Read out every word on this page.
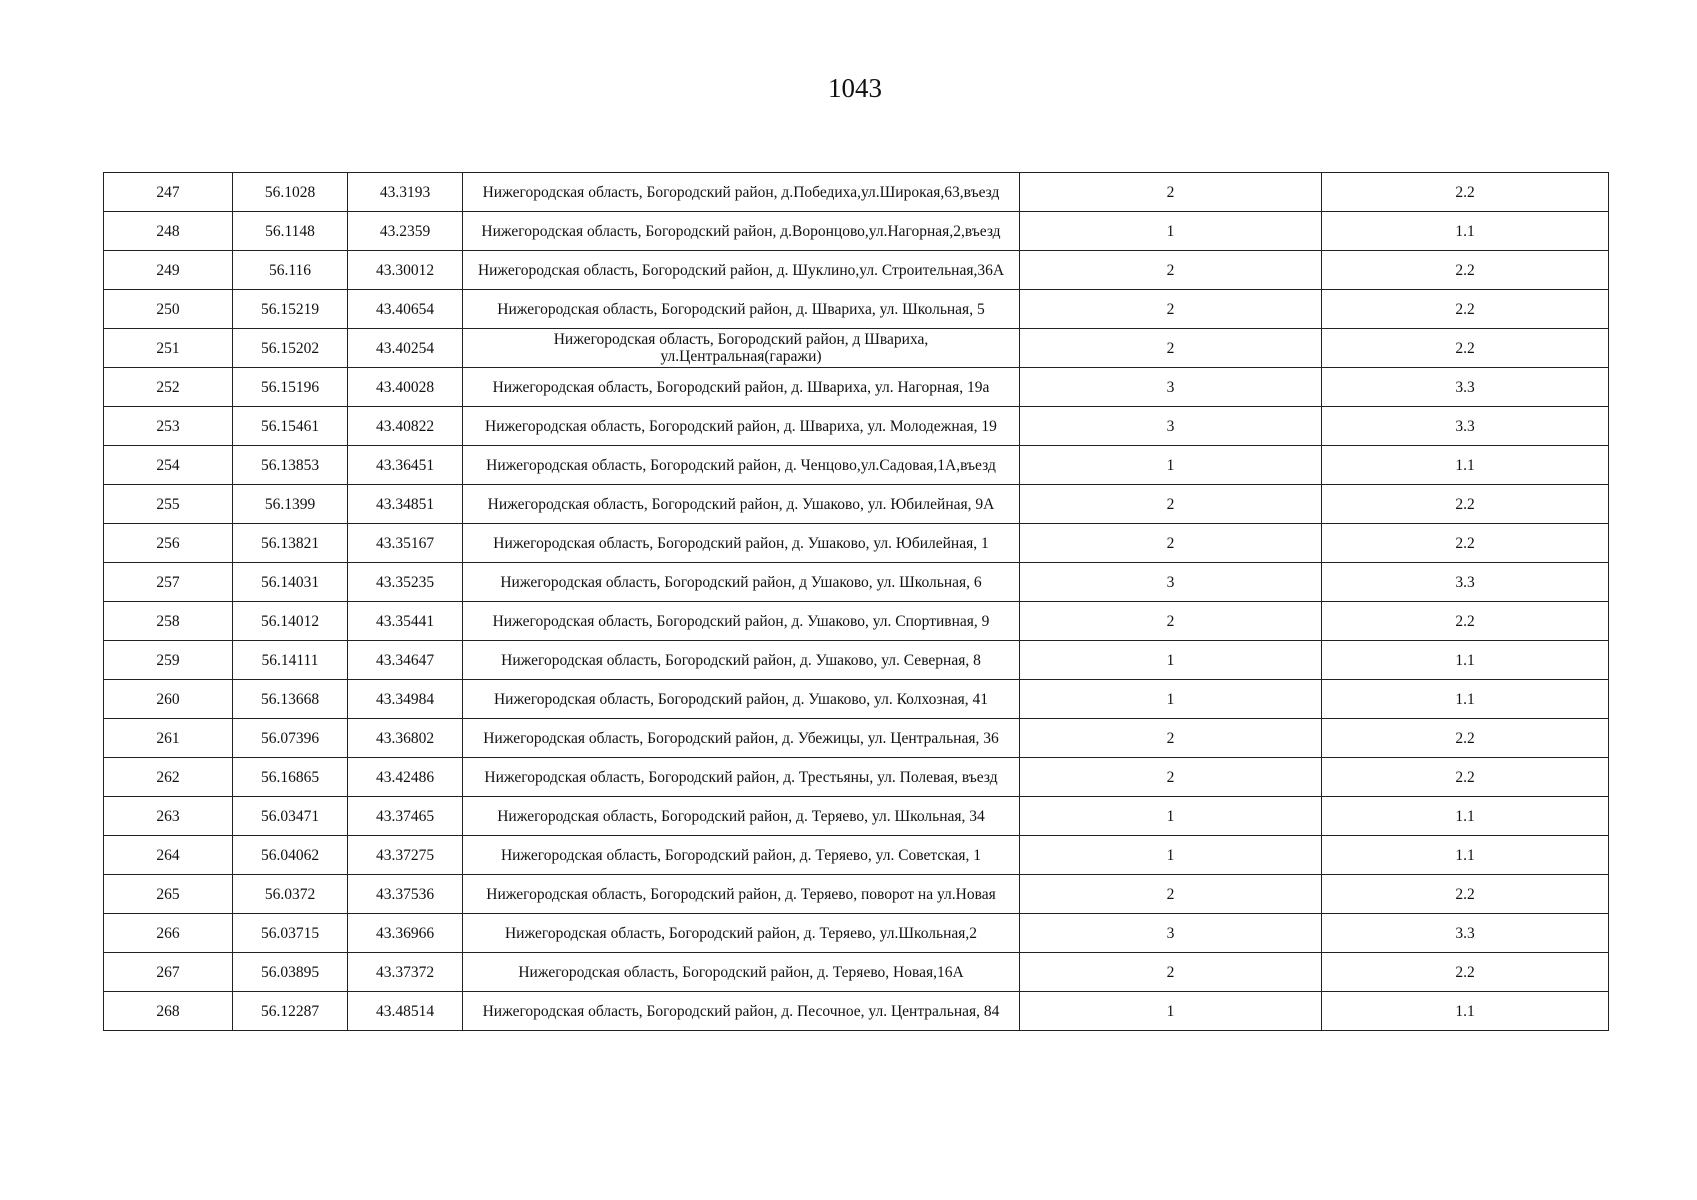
1043
247	56.1028	43.3193	Нижегородская область, Богородский район, д.Победиха,ул.Широкая,63,въезд	2	2.2
248	56.1148	43.2359	Нижегородская область, Богородский район, д.Воронцово,ул.Нагорная,2,въезд	1	1.1
249	56.116	43.30012	Нижегородская область, Богородский район, д. Шуклино,ул. Строительная,36А	2	2.2
250	56.15219	43.40654	Нижегородская область, Богородский район, д. Швариха, ул. Школьная, 5	2	2.2
251	56.15202	43.40254	Нижегородская область, Богородский район, д Швариха, ул.Центральная(гаражи)	2	2.2
252	56.15196	43.40028	Нижегородская область, Богородский район, д. Швариха, ул. Нагорная, 19а	3	3.3
253	56.15461	43.40822	Нижегородская область, Богородский район, д. Швариха, ул. Молодежная, 19	3	3.3
254	56.13853	43.36451	Нижегородская область, Богородский район, д. Ченцово,ул.Садовая,1А,въезд	1	1.1
255	56.1399	43.34851	Нижегородская область, Богородский район, д. Ушаково, ул. Юбилейная, 9А	2	2.2
256	56.13821	43.35167	Нижегородская область, Богородский район, д. Ушаково, ул. Юбилейная, 1	2	2.2
257	56.14031	43.35235	Нижегородская область, Богородский район, д Ушаково, ул. Школьная, 6	3	3.3
258	56.14012	43.35441	Нижегородская область, Богородский район, д. Ушаково, ул. Спортивная, 9	2	2.2
259	56.14111	43.34647	Нижегородская область, Богородский район, д. Ушаково, ул. Северная, 8	1	1.1
260	56.13668	43.34984	Нижегородская область, Богородский район, д. Ушаково, ул. Колхозная, 41	1	1.1
261	56.07396	43.36802	Нижегородская область, Богородский район, д. Убежицы, ул. Центральная, 36	2	2.2
262	56.16865	43.42486	Нижегородская область, Богородский район, д. Трестьяны, ул. Полевая, въезд	2	2.2
263	56.03471	43.37465	Нижегородская область, Богородский район, д. Теряево, ул. Школьная, 34	1	1.1
264	56.04062	43.37275	Нижегородская область, Богородский район, д. Теряево, ул. Советская, 1	1	1.1
265	56.0372	43.37536	Нижегородская область, Богородский район, д. Теряево, поворот на ул.Новая	2	2.2
266	56.03715	43.36966	Нижегородская область, Богородский район, д. Теряево, ул.Школьная,2	3	3.3
267	56.03895	43.37372	Нижегородская область, Богородский район, д. Теряево, Новая,16А	2	2.2
268	56.12287	43.48514	Нижегородская область, Богородский район, д. Песочное, ул. Центральная, 84	1	1.1
